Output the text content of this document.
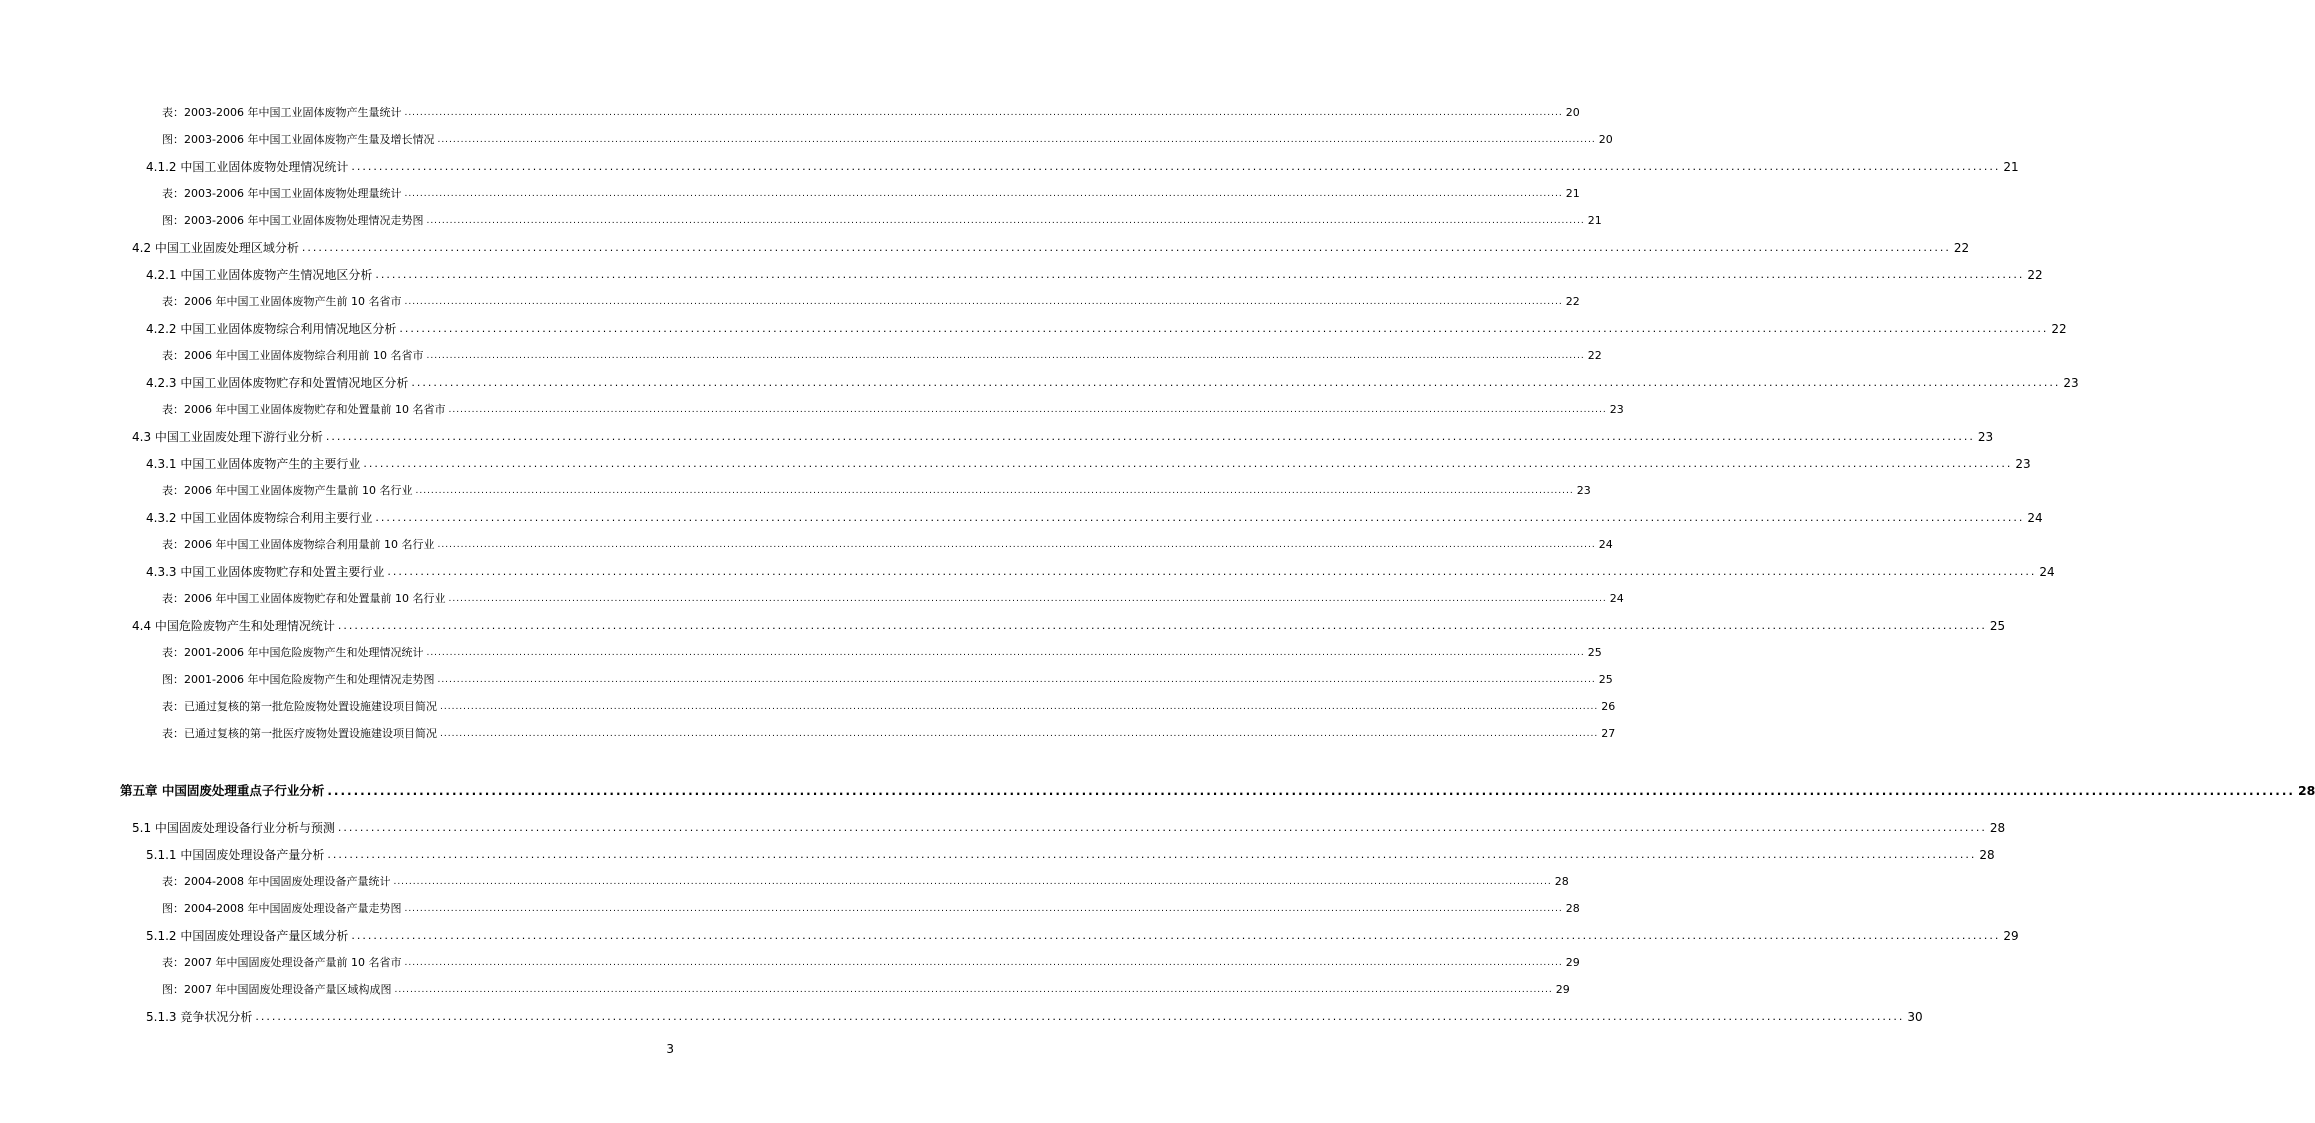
表：2003-2006 年中国工业固体废物产生量统计 ............................................................................................................................................................................................................................................................................................................ 20
图：2003-2006 年中国工业固体废物产生量及增长情况 ............................................................................................................................................................................................................................................................................................................ 20
4.1.2 中国工业固体废物处理情况统计 ............................................................................................................................................................................................................................................................................................................ 21
表：2003-2006 年中国工业固体废物处理量统计 ............................................................................................................................................................................................................................................................................................................ 21
图：2003-2006 年中国工业固体废物处理情况走势图 ............................................................................................................................................................................................................................................................................................................ 21
4.2 中国工业固废处理区域分析 ............................................................................................................................................................................................................................................................................................................ 22
4.2.1 中国工业固体废物产生情况地区分析 ............................................................................................................................................................................................................................................................................................................ 22
表：2006 年中国工业固体废物产生前 10 名省市 ............................................................................................................................................................................................................................................................................................................ 22
4.2.2 中国工业固体废物综合利用情况地区分析 ............................................................................................................................................................................................................................................................................................................ 22
表：2006 年中国工业固体废物综合利用前 10 名省市 ............................................................................................................................................................................................................................................................................................................ 22
4.2.3 中国工业固体废物贮存和处置情况地区分析 ............................................................................................................................................................................................................................................................................................................ 23
表：2006 年中国工业固体废物贮存和处置量前 10 名省市 ............................................................................................................................................................................................................................................................................................................ 23
4.3 中国工业固废处理下游行业分析 ............................................................................................................................................................................................................................................................................................................ 23
4.3.1 中国工业固体废物产生的主要行业 ............................................................................................................................................................................................................................................................................................................ 23
表：2006 年中国工业固体废物产生量前 10 名行业 ............................................................................................................................................................................................................................................................................................................ 23
4.3.2 中国工业固体废物综合利用主要行业 ............................................................................................................................................................................................................................................................................................................ 24
表：2006 年中国工业固体废物综合利用量前 10 名行业 ............................................................................................................................................................................................................................................................................................................ 24
4.3.3 中国工业固体废物贮存和处置主要行业 ............................................................................................................................................................................................................................................................................................................ 24
表：2006 年中国工业固体废物贮存和处置量前 10 名行业 ............................................................................................................................................................................................................................................................................................................ 24
4.4 中国危险废物产生和处理情况统计 ............................................................................................................................................................................................................................................................................................................ 25
表：2001-2006 年中国危险废物产生和处理情况统计 ............................................................................................................................................................................................................................................................................................................ 25
图：2001-2006 年中国危险废物产生和处理情况走势图 ............................................................................................................................................................................................................................................................................................................ 25
表：已通过复核的第一批危险废物处置设施建设项目简况 ............................................................................................................................................................................................................................................................................................................ 26
表：已通过复核的第一批医疗废物处置设施建设项目简况 ............................................................................................................................................................................................................................................................................................................ 27
第五章 中国固废处理重点子行业分析 ............................................................................................................................................................................................................................................................................................................ 28
5.1 中国固废处理设备行业分析与预测 ............................................................................................................................................................................................................................................................................................................ 28
5.1.1 中国固废处理设备产量分析 ............................................................................................................................................................................................................................................................................................................ 28
表：2004-2008 年中国固废处理设备产量统计 ............................................................................................................................................................................................................................................................................................................ 28
图：2004-2008 年中国固废处理设备产量走势图 ............................................................................................................................................................................................................................................................................................................ 28
5.1.2 中国固废处理设备产量区域分析 ............................................................................................................................................................................................................................................................................................................ 29
表：2007 年中国固废处理设备产量前 10 名省市 ............................................................................................................................................................................................................................................................................................................ 29
图：2007 年中国固废处理设备产量区域构成图 ............................................................................................................................................................................................................................................................................................................ 29
5.1.3 竞争状况分析 ............................................................................................................................................................................................................................................................................................................ 30
3
